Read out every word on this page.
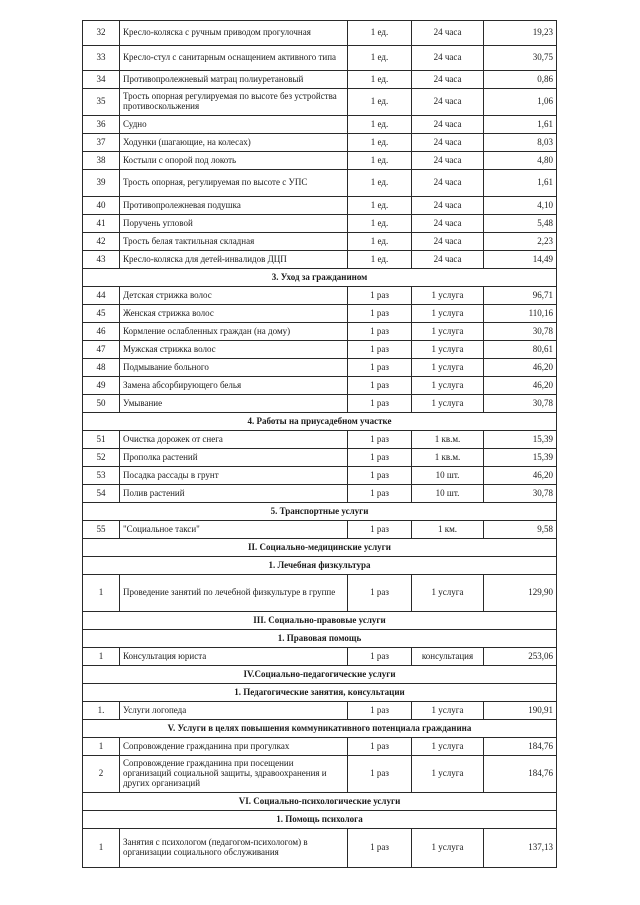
32	Кресло-коляска с ручным приводом прогулочная	1 ед.	24 часа	19,23
33	Кресло-стул с санитарным оснащением активного типа	1 ед.	24 часа	30,75
34	Противопролежневый матрац полиуретановый	1 ед.	24 часа	0,86
35	Трость опорная регулируемая по высоте без устройства противоскольжения	1 ед.	24 часа	1,06
36	Судно	1 ед.	24 часа	1,61
37	Ходунки (шагающие, на колесах)	1 ед.	24 часа	8,03
38	Костыли с опорой под локоть	1 ед.	24 часа	4,80
39	Трость опорная, регулируемая по высоте с УПС	1 ед.	24 часа	1,61
40	Противопролежневая подушка	1 ед.	24 часа	4,10
41	Поручень угловой	1 ед.	24 часа	5,48
42	Трость белая тактильная складная	1 ед.	24 часа	2,23
43	Кресло-коляска для детей-инвалидов ДЦП	1 ед.	24 часа	14,49
3. Уход за гражданином				
44	Детская стрижка волос	1 раз	1 услуга	96,71
45	Женская стрижка волос	1 раз	1 услуга	110,16
46	Кормление ослабленных граждан (на дому)	1 раз	1 услуга	30,78
47	Мужская стрижка волос	1 раз	1 услуга	80,61
48	Подмывание больного	1 раз	1 услуга	46,20
49	Замена абсорбирующего белья	1 раз	1 услуга	46,20
50	Умывание	1 раз	1 услуга	30,78
4. Работы на приусадебном участке				
51	Очистка дорожек от снега	1 раз	1 кв.м.	15,39
52	Прополка растений	1 раз	1 кв.м.	15,39
53	Посадка рассады в грунт	1 раз	10 шт.	46,20
54	Полив растений	1 раз	10 шт.	30,78
5. Транспортные услуги				
55	"Социальное такси"	1 раз	1 км.	9,58
II. Социально-медицинские услуги				
1. Лечебная физкультура				
1	Проведение занятий по лечебной физкультуре в группе	1 раз	1 услуга	129,90
III. Социально-правовые услуги				
1. Правовая помощь				
1	Консультация юриста	1 раз	консультация	253,06
IV.Социально-педагогические услуги				
1. Педагогические занятия, консультации				
1.	Услуги логопеда	1 раз	1 услуга	190,91
V. Услуги в целях повышения коммуникативного потенциала гражданина				
1	Сопровождение гражданина при прогулках	1 раз	1 услуга	184,76
2	Сопровождение гражданина при посещении организаций социальной защиты, здравоохранения и других организаций	1 раз	1 услуга	184,76
VI. Социально-психологические услуги				
1. Помощь психолога				
1	Занятия с психологом (педагогом-психологом) в организации социального обслуживания	1 раз	1 услуга	137,13
